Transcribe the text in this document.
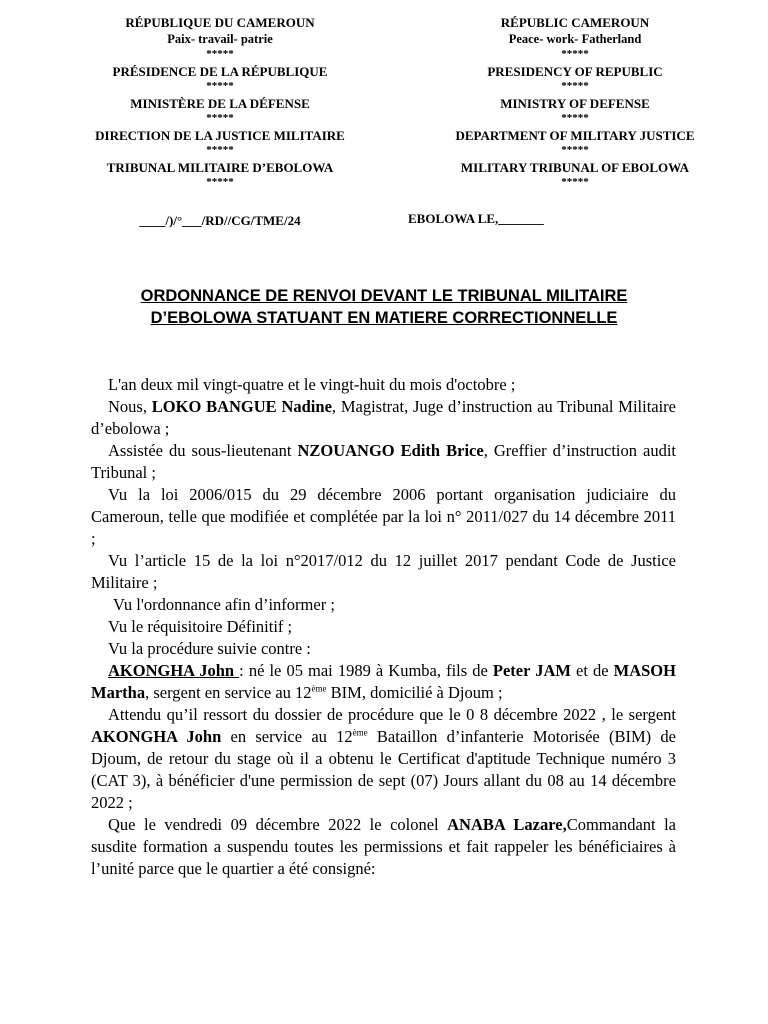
RÉPUBLIQUE DU CAMEROUN
Paix- travail- patrie
*****
PRÉSIDENCE DE LA RÉPUBLIQUE
*****
MINISTÈRE DE LA DÉFENSE
*****
DIRECTION DE LA JUSTICE MILITAIRE
*****
TRIBUNAL MILITAIRE D’EBOLOWA
*****
____/)/°___/RD//CG/TME/24
RÉPUBLIC CAMEROUN
Peace- work- Fatherland
*****
PRESIDENCY OF REPUBLIC
*****
MINISTRY OF DEFENSE
*****
DEPARTMENT OF MILITARY JUSTICE
*****
MILITARY TRIBUNAL OF EBOLOWA
*****
EBOLOWA LE,_______
ORDONNANCE DE RENVOI DEVANT LE TRIBUNAL MILITAIRE
D’EBOLOWA STATUANT EN MATIERE CORRECTIONNELLE

L'an deux mil vingt-quatre et le vingt-huit du mois d'octobre ;

Nous, LOKO BANGUE Nadine, Magistrat, Juge d’instruction au Tribunal Militaire d’ebolowa ;

Assistée du sous-lieutenant NZOUANGO Edith Brice, Greffier d’instruction audit Tribunal ;

Vu la loi 2006/015 du 29 décembre 2006 portant organisation judiciaire du Cameroun, telle que modifiée et complétée par la loi n° 2011/027 du 14 décembre 2011 ;

Vu l’article 15 de la loi n°2017/012 du 12 juillet 2017 pendant Code de Justice Militaire ;

Vu l'ordonnance afin d’informer ;

Vu le réquisitoire Définitif ;

Vu la procédure suivie contre :

AKONGHA John : né le 05 mai 1989 à Kumba, fils de Peter JAM et de MASOH Martha, sergent en service au 12ème BIM, domicilié à Djoum ;

Attendu qu’il ressort du dossier de procédure que le 0 8 décembre 2022 , le sergent AKONGHA John en service au 12ème Bataillon d’infanterie Motorisée (BIM) de Djoum, de retour du stage où il a obtenu le Certificat d'aptitude Technique numéro 3 (CAT 3), à bénéficier d'une permission de sept (07) Jours allant du 08 au 14 décembre 2022 ;

Que le vendredi 09 décembre 2022 le colonel ANABA Lazare,Commandant la susdite formation a suspendu toutes les permissions et fait rappeler les bénéficiaires à l’unité parce que le quartier a été consigné:
